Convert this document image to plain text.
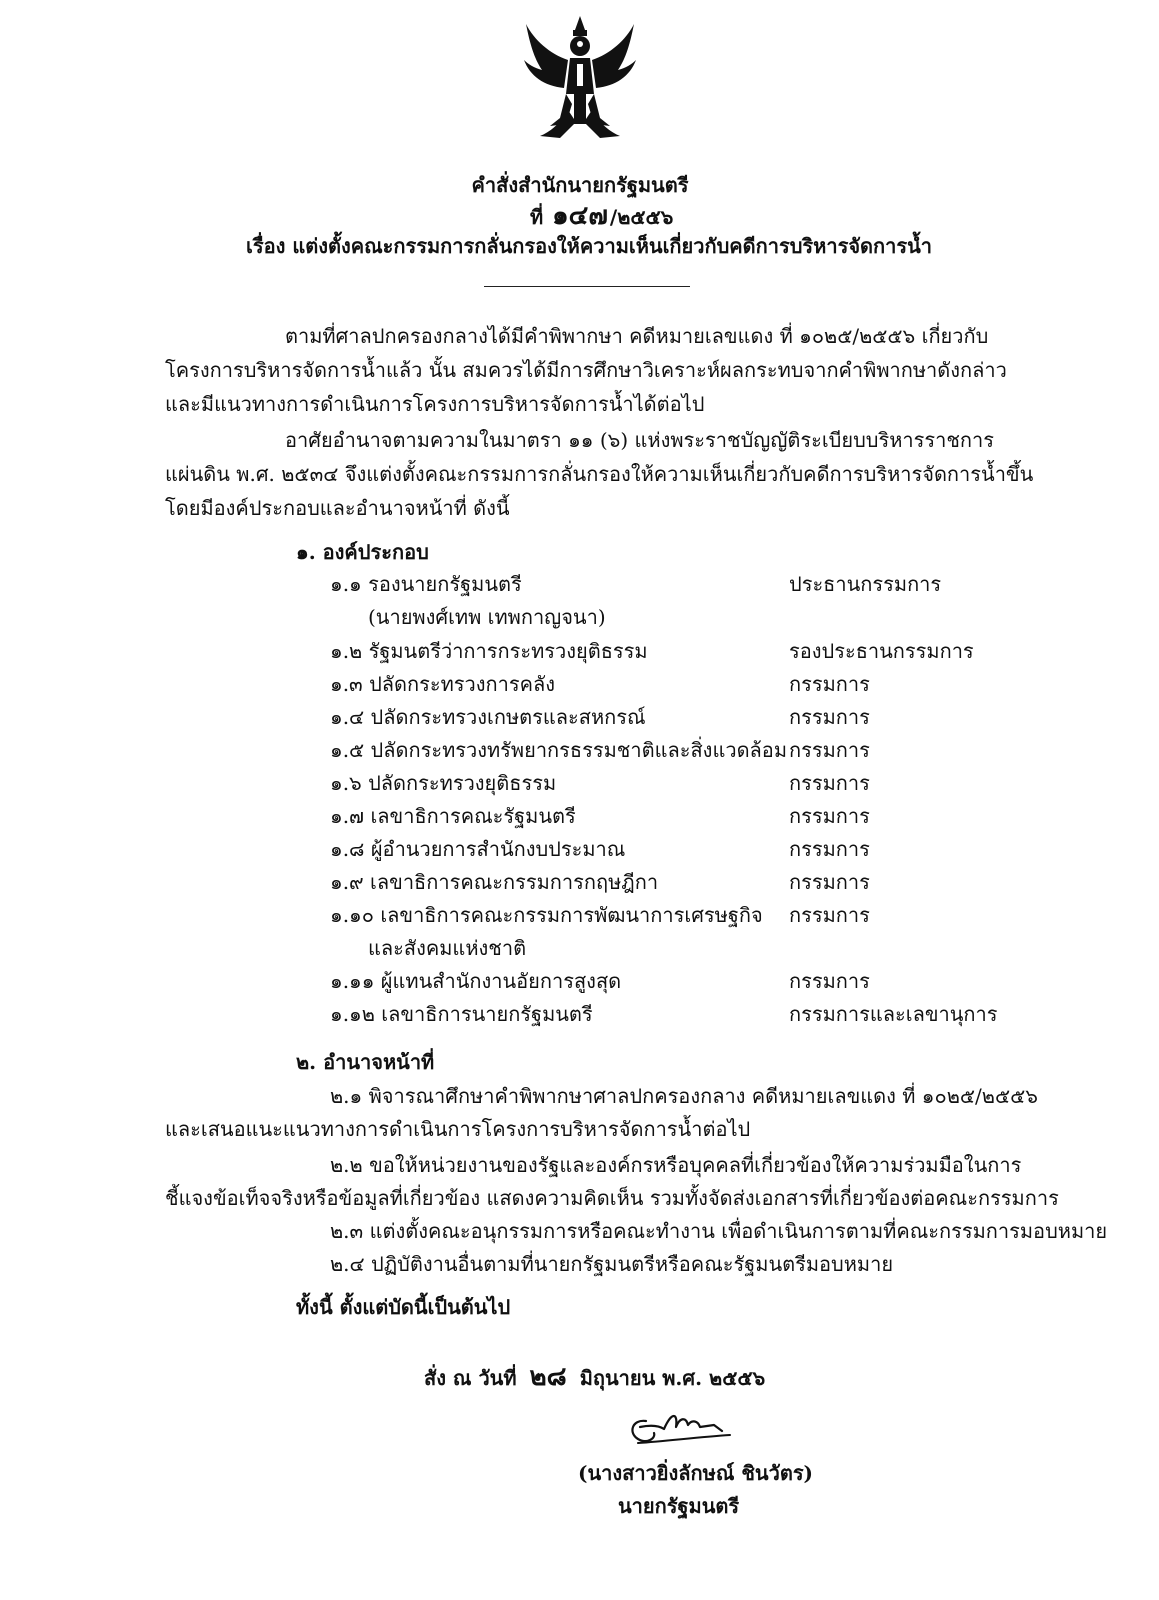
คำสั่งสำนักนายกรัฐมนตรี
ที่ ๑๔๗ /๒๕๕๖
เรื่อง แต่งตั้งคณะกรรมการกลั่นกรองให้ความเห็นเกี่ยวกับคดีการบริหารจัดการน้ำ
ตามที่ศาลปกครองกลางได้มีคำพิพากษา คดีหมายเลขแดง ที่ ๑๐๒๕/๒๕๕๖ เกี่ยวกับ
โครงการบริหารจัดการน้ำแล้ว นั้น สมควรได้มีการศึกษาวิเคราะห์ผลกระทบจากคำพิพากษาดังกล่าว
และมีแนวทางการดำเนินการโครงการบริหารจัดการน้ำได้ต่อไป
อาศัยอำนาจตามความในมาตรา ๑๑ (๖) แห่งพระราชบัญญัติระเบียบบริหารราชการ
แผ่นดิน พ.ศ. ๒๕๓๔ จึงแต่งตั้งคณะกรรมการกลั่นกรองให้ความเห็นเกี่ยวกับคดีการบริหารจัดการน้ำขึ้น
โดยมีองค์ประกอบและอำนาจหน้าที่ ดังนี้
๑. องค์ประกอบ
๑.๑ รองนายกรัฐมนตรี	ประธานกรรมการ
(นายพงศ์เทพ เทพกาญจนา)
๑.๒ รัฐมนตรีว่าการกระทรวงยุติธรรม	รองประธานกรรมการ
๑.๓ ปลัดกระทรวงการคลัง	กรรมการ
๑.๔ ปลัดกระทรวงเกษตรและสหกรณ์	กรรมการ
๑.๕ ปลัดกระทรวงทรัพยากรธรรมชาติและสิ่งแวดล้อม กรรมการ
๑.๖ ปลัดกระทรวงยุติธรรม	กรรมการ
๑.๗ เลขาธิการคณะรัฐมนตรี	กรรมการ
๑.๘ ผู้อำนวยการสำนักงบประมาณ	กรรมการ
๑.๙ เลขาธิการคณะกรรมการกฤษฎีกา	กรรมการ
๑.๑๐ เลขาธิการคณะกรรมการพัฒนาการเศรษฐกิจ กรรมการ
และสังคมแห่งชาติ
๑.๑๑ ผู้แทนสำนักงานอัยการสูงสุด	กรรมการ
๑.๑๒ เลขาธิการนายกรัฐมนตรี	กรรมการและเลขานุการ
๒. อำนาจหน้าที่
๒.๑ พิจารณาศึกษาคำพิพากษาศาลปกครองกลาง คดีหมายเลขแดง ที่ ๑๐๒๕/๒๕๕๖
และเสนอแนะแนวทางการดำเนินการโครงการบริหารจัดการน้ำต่อไป
๒.๒ ขอให้หน่วยงานของรัฐและองค์กรหรือบุคคลที่เกี่ยวข้องให้ความร่วมมือในการ
ชี้แจงข้อเท็จจริงหรือข้อมูลที่เกี่ยวข้อง แสดงความคิดเห็น รวมทั้งจัดส่งเอกสารที่เกี่ยวข้องต่อคณะกรรมการ
๒.๓ แต่งตั้งคณะอนุกรรมการหรือคณะทำงาน เพื่อดำเนินการตามที่คณะกรรมการมอบหมาย
๒.๔ ปฏิบัติงานอื่นตามที่นายกรัฐมนตรีหรือคณะรัฐมนตรีมอบหมาย
ทั้งนี้ ตั้งแต่บัดนี้เป็นต้นไป
สั่ง ณ วันที่ ๒๘ มิถุนายน พ.ศ. ๒๕๕๖
(นางสาวยิ่งลักษณ์ ชินวัตร)
นายกรัฐมนตรี
